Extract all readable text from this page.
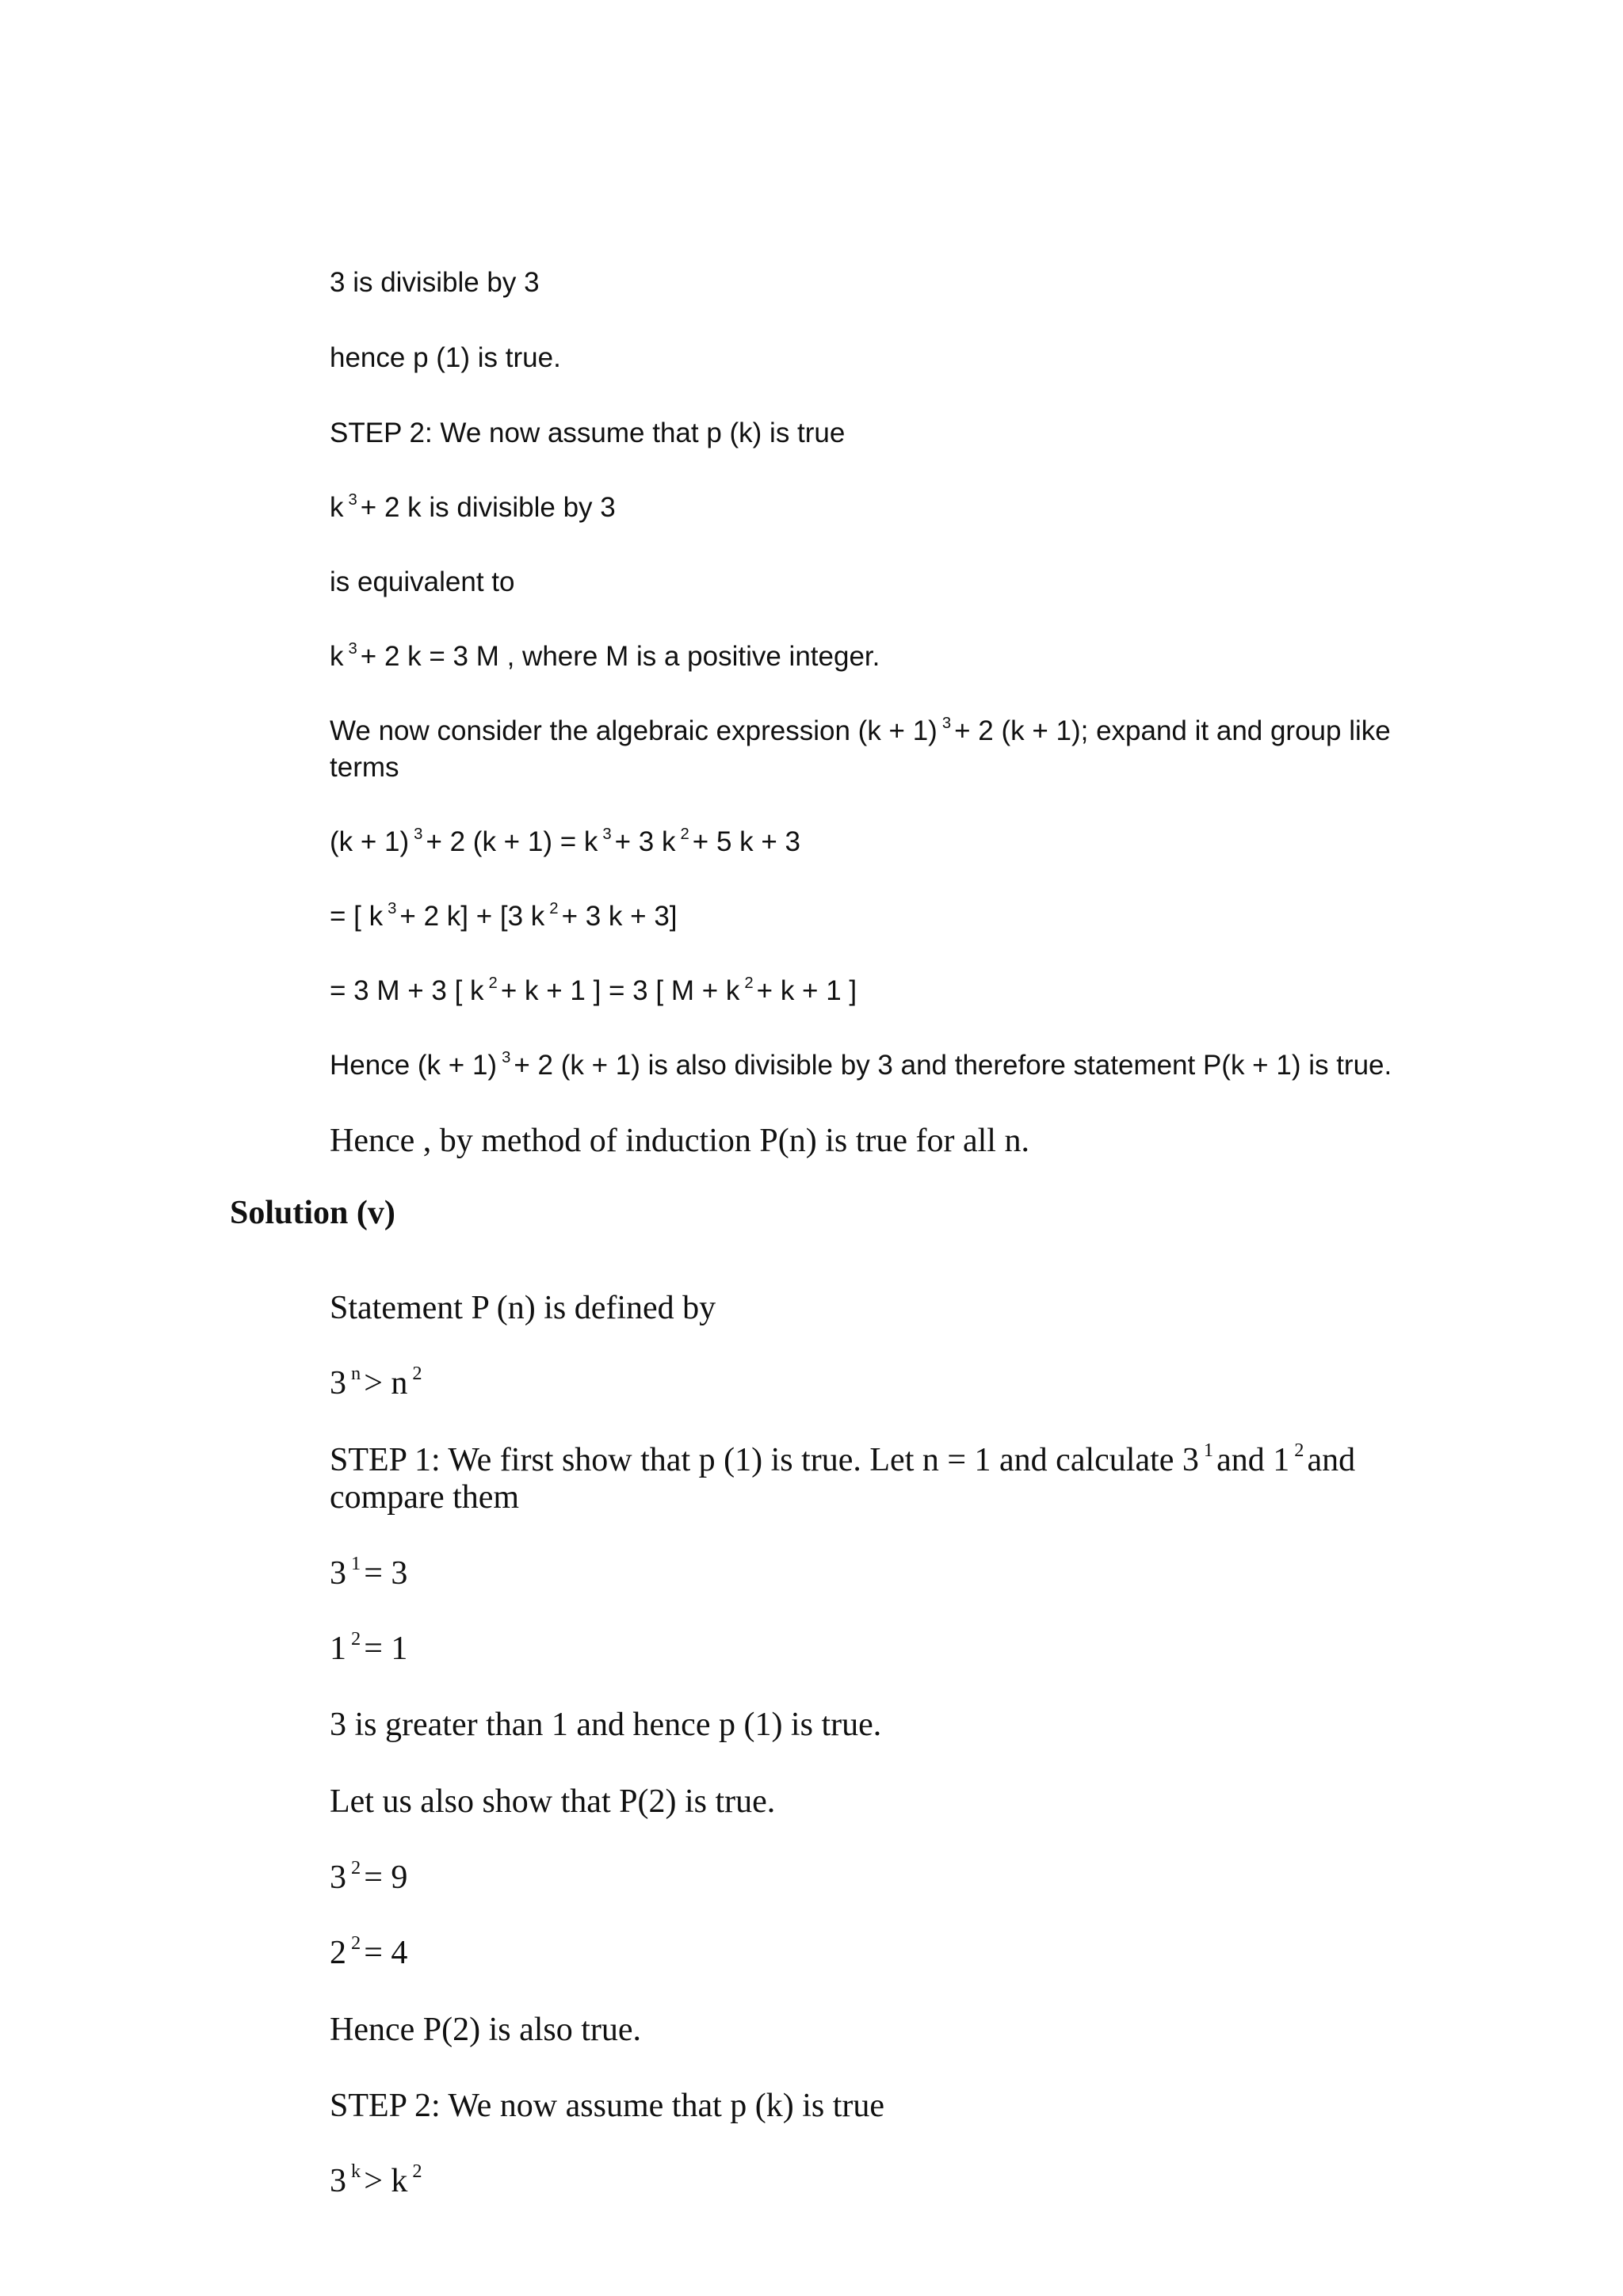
3 is divisible by 3
hence p (1) is true.
STEP 2: We now assume that p (k) is true
k $^3$ + 2 k is divisible by 3
is equivalent to
k $^3$ + 2 k = 3 M , where M is a positive integer.
We now consider the algebraic expression (k + 1) $^3$ + 2 (k + 1); expand it and group like
terms
(k + 1) $^3$ + 2 (k + 1) = k $^3$ + 3 k $^2$ + 5 k + 3
= [ k $^3$ + 2 k] + [3 k $^2$ + 3 k + 3]
= 3 M + 3 [ k $^2$ + k + 1 ] = 3 [ M + k $^2$ + k + 1 ]
Hence (k + 1) $^3$ + 2 (k + 1) is also divisible by 3 and therefore statement P(k + 1) is true.
Hence , by method of induction P(n) is true for all n.
Solution (v)
Statement P (n) is defined by
3 $^n$> n $^2$
STEP 1: We first show that p (1) is true. Let n = 1 and calculate 3 $^1$and 1 $^2$and
compare them
3 $^1$= 3
1 $^2$= 1
3 is greater than 1 and hence p (1) is true.
Let us also show that P(2) is true.
3 $^2$= 9
2 $^2$= 4
Hence P(2) is also true.
STEP 2: We now assume that p (k) is true
3 $^k$> k $^2$
